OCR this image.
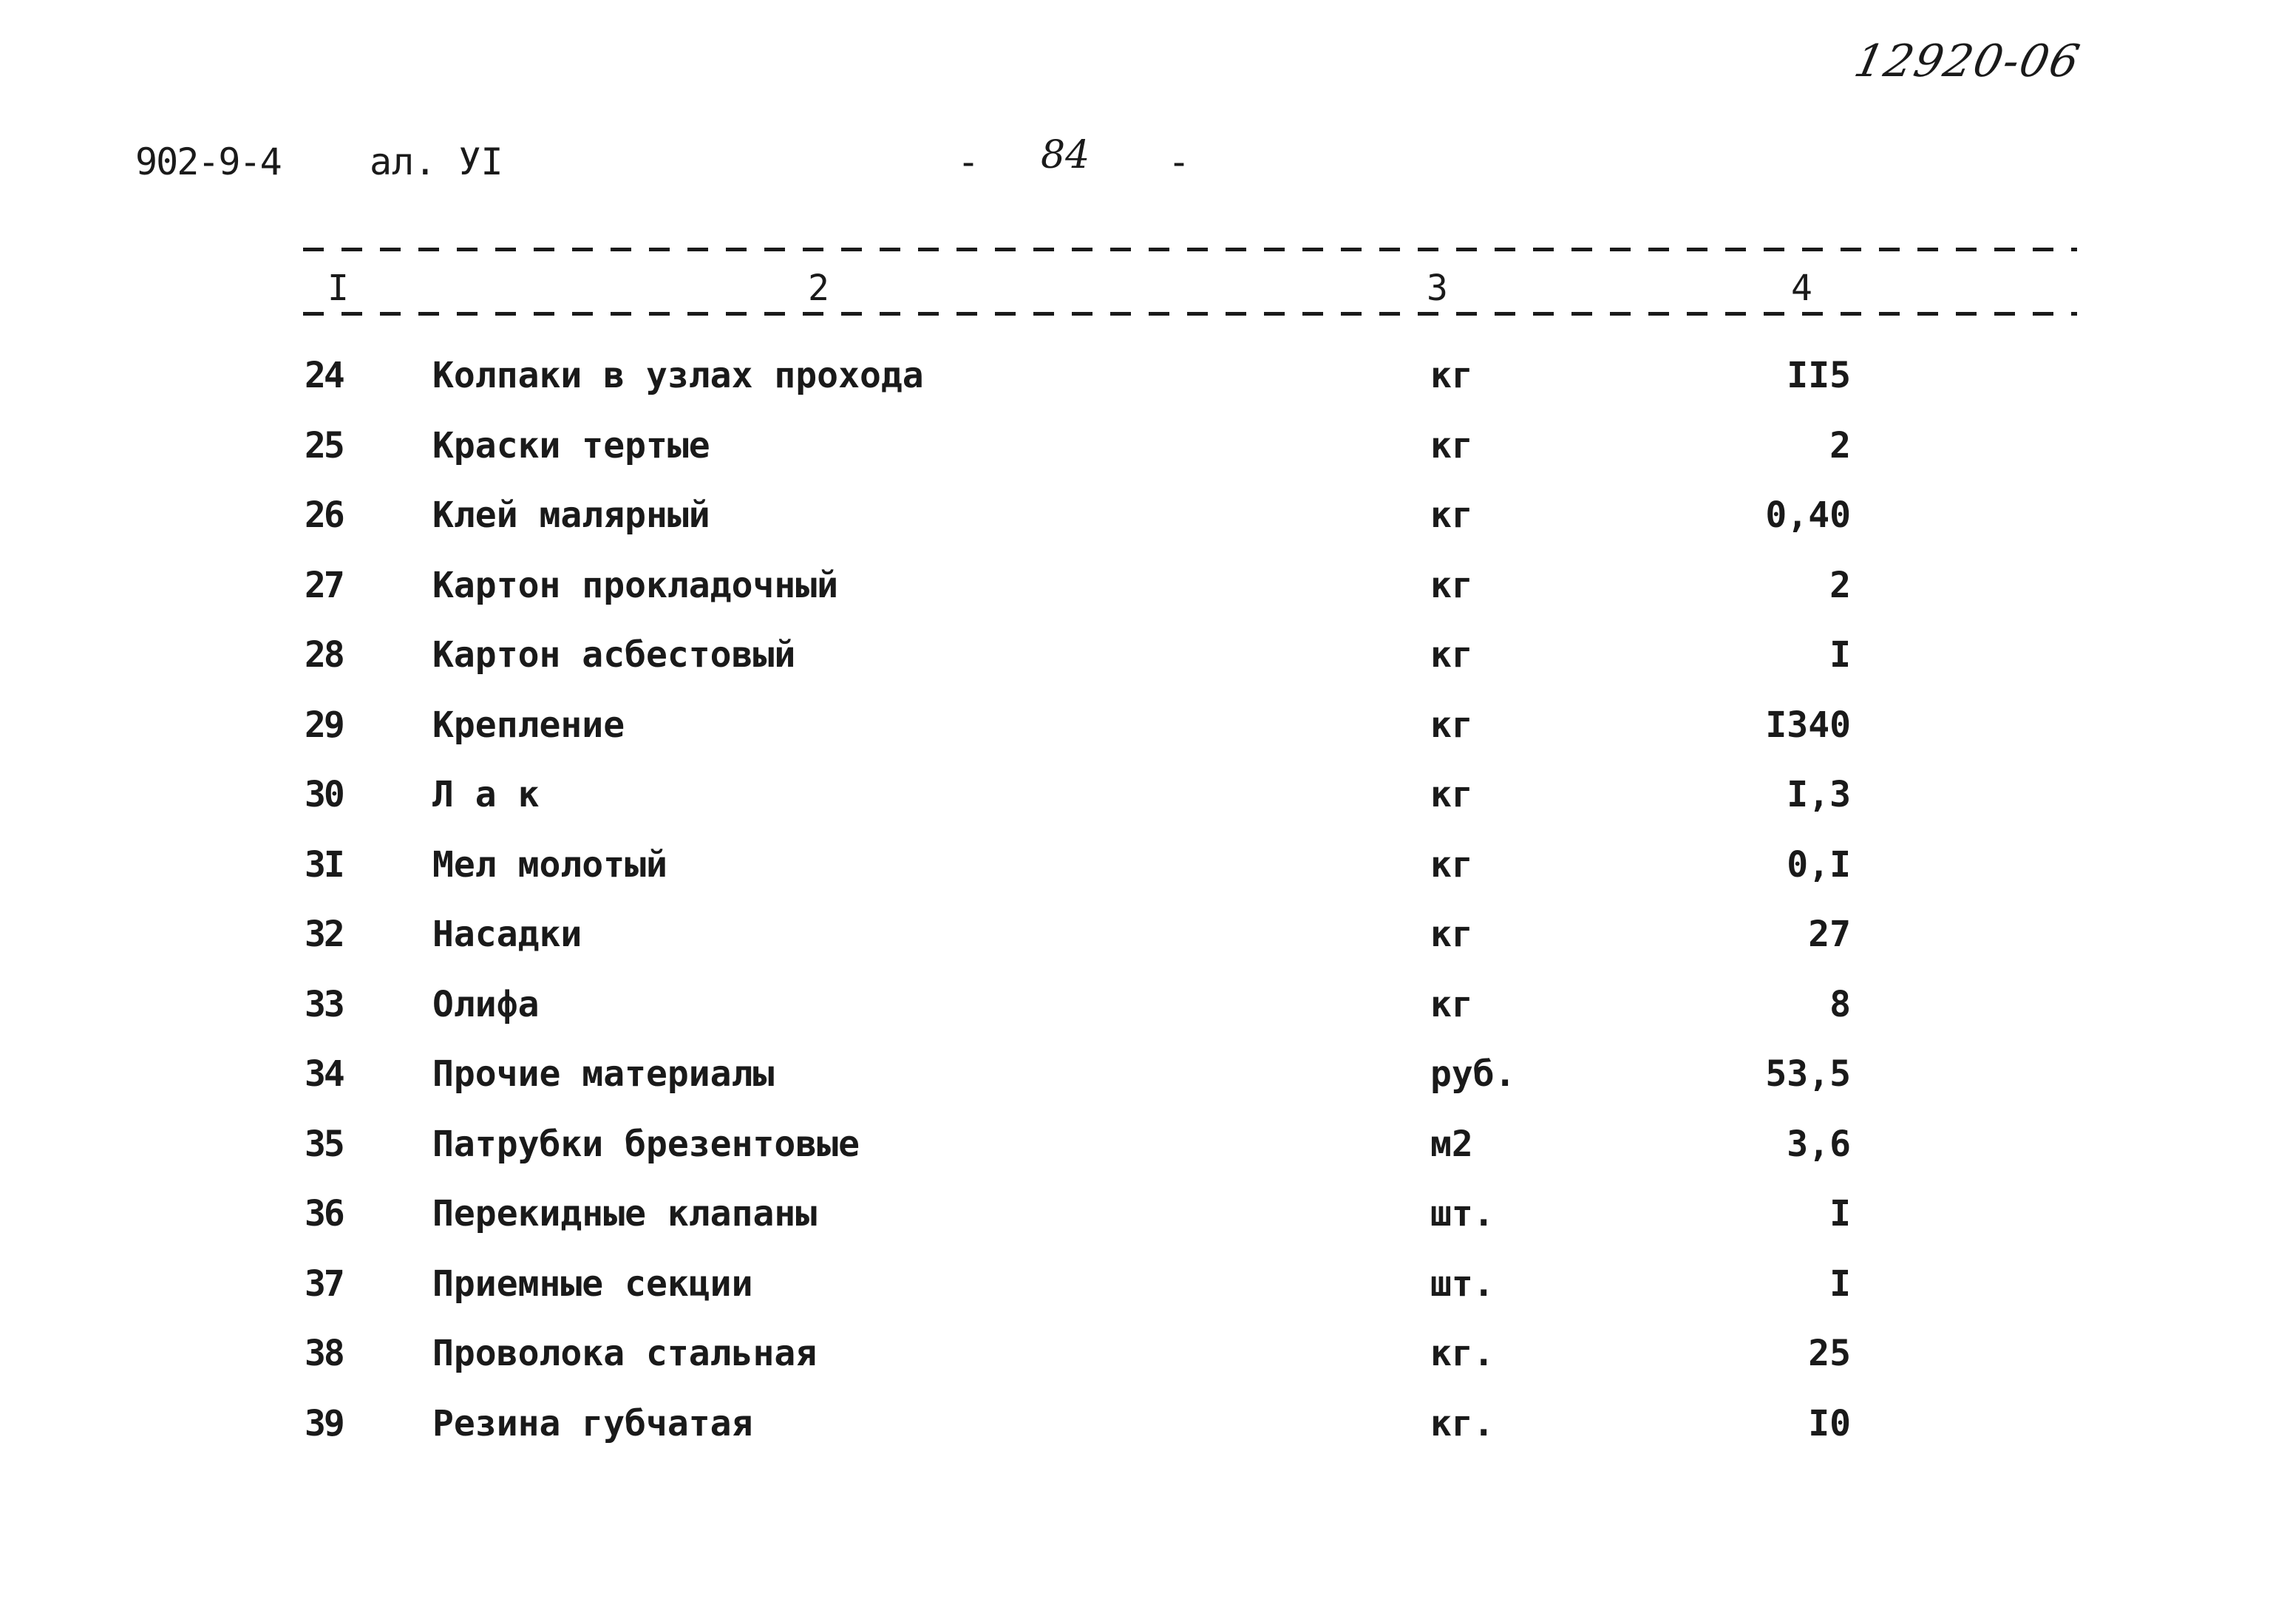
12920-06
902-9-4 ал. УI	- 84 -
I	2	3	4
24	Колпаки в узлах прохода	кг	II5
25	Краски тертые	кг	2
26	Клей малярный	кг	0,40
27	Картон прокладочный	кг	2
28	Картон асбестовый	кг	I
29	Крепление	кг	I340
30	Л а к	кг	I,3
3I	Мел молотый	кг	0,I
32	Насадки	кг	27
33	Олифа	кг	8
34	Прочие материалы	руб.	53,5
35	Патрубки брезентовые	м2	3,6
36	Перекидные клапаны	шт.	I
37	Приемные секции	шт.	I
38	Проволока стальная	кг.	25
39	Резина губчатая	кг.	I0
